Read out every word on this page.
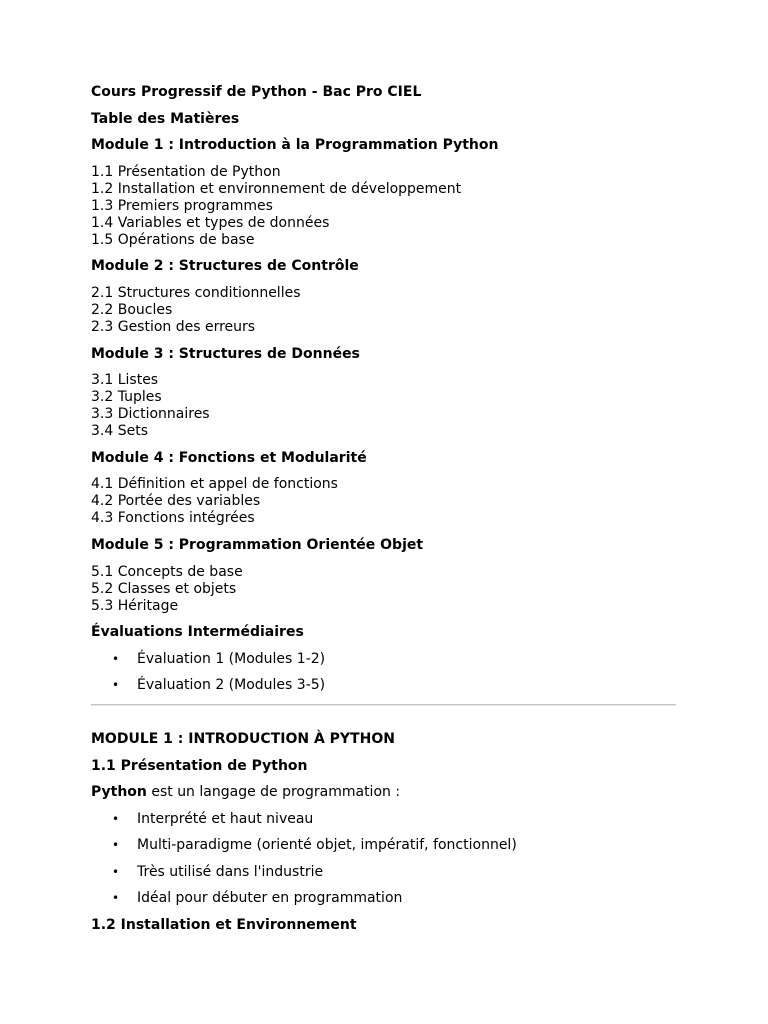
Cours Progressif de Python - Bac Pro CIEL
Table des Matières
Module 1 : Introduction à la Programmation Python
1.1 Présentation de Python
1.2 Installation et environnement de développement
1.3 Premiers programmes
1.4 Variables et types de données
1.5 Opérations de base
Module 2 : Structures de Contrôle
2.1 Structures conditionnelles
2.2 Boucles
2.3 Gestion des erreurs
Module 3 : Structures de Données
3.1 Listes
3.2 Tuples
3.3 Dictionnaires
3.4 Sets
Module 4 : Fonctions et Modularité
4.1 Définition et appel de fonctions
4.2 Portée des variables
4.3 Fonctions intégrées
Module 5 : Programmation Orientée Objet
5.1 Concepts de base
5.2 Classes et objets
5.3 Héritage
Évaluations Intermédiaires
• Évaluation 1 (Modules 1-2)
• Évaluation 2 (Modules 3-5)
MODULE 1 : INTRODUCTION À PYTHON
1.1 Présentation de Python
Python est un langage de programmation :
• Interprété et haut niveau
• Multi-paradigme (orienté objet, impératif, fonctionnel)
• Très utilisé dans l'industrie
• Idéal pour débuter en programmation
1.2 Installation et Environnement
